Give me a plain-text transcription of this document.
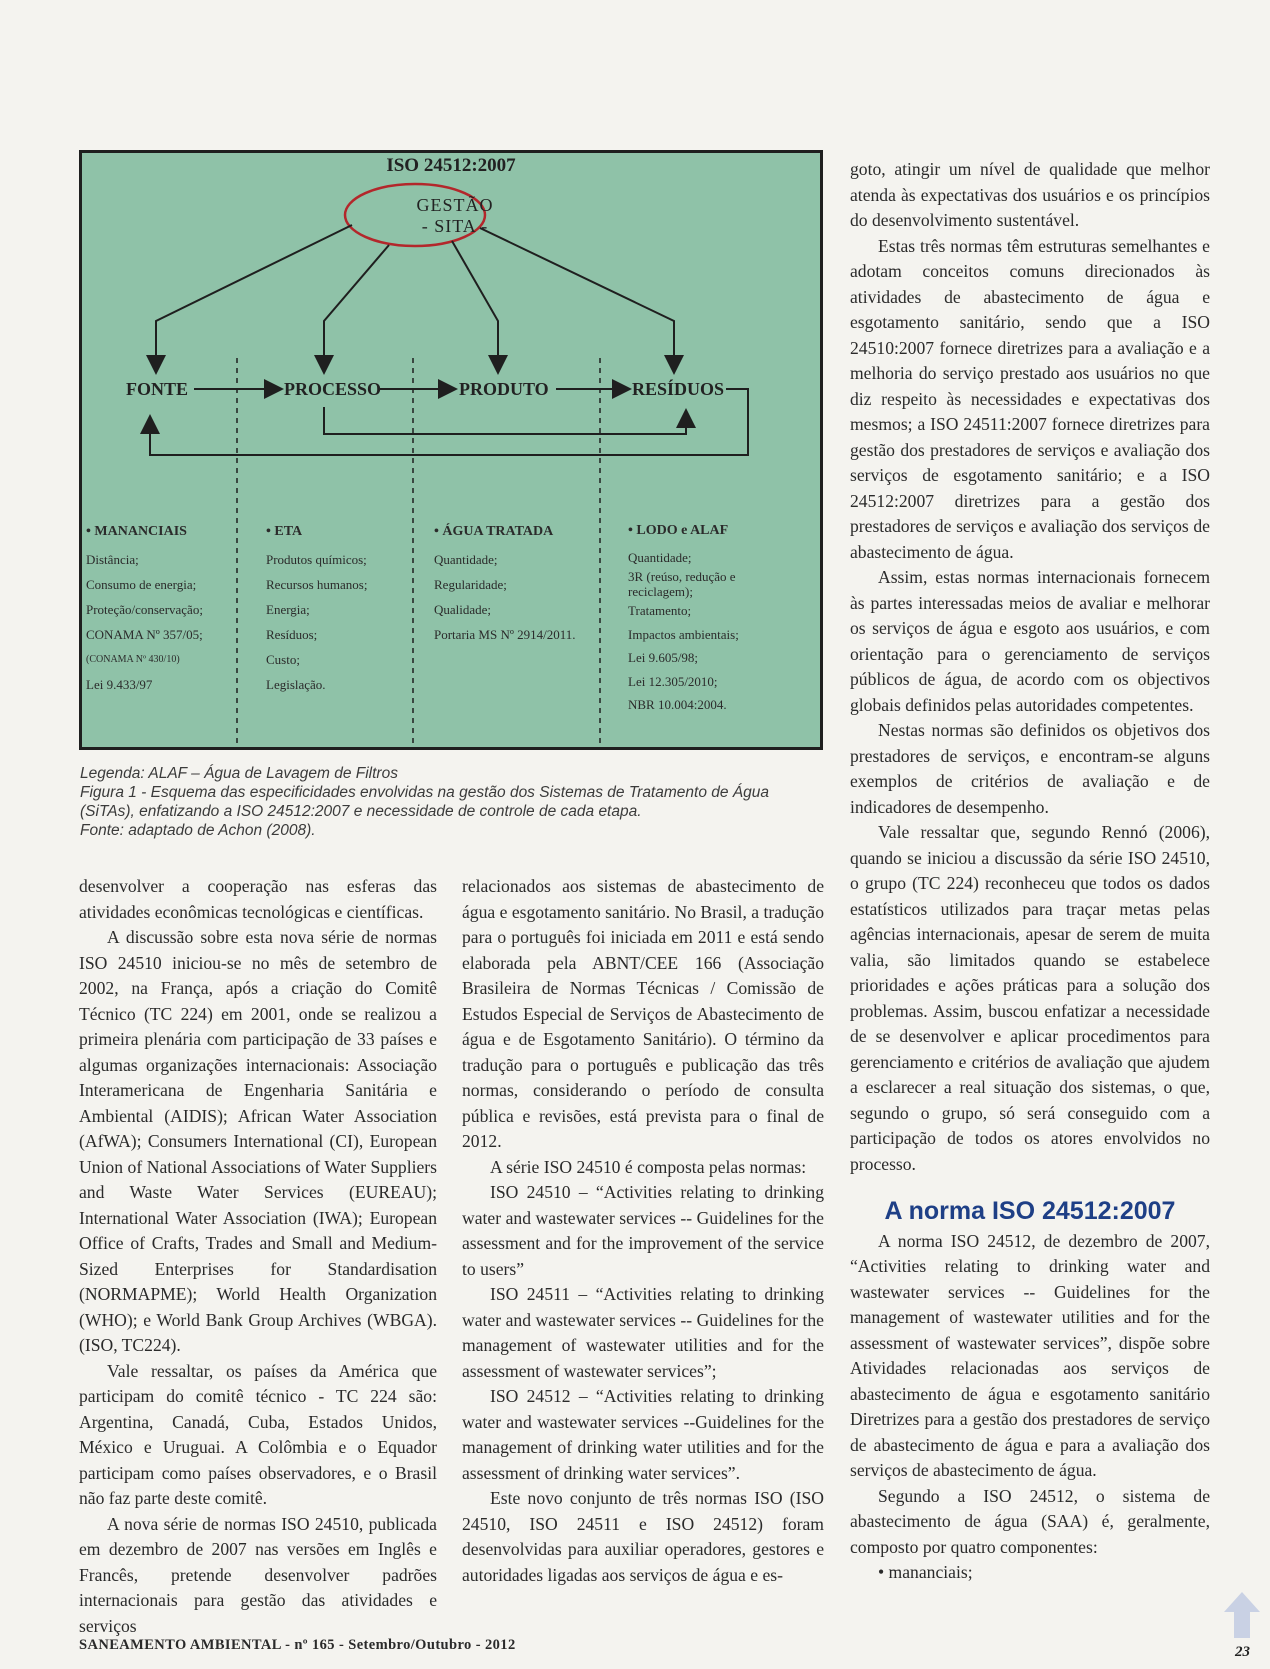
ISO 24512:2007
GESTÃO
- SITA -
FONTE	PROCESSO	PRODUTO	RESÍDUOS
• MANANCIAIS
Distância;
Consumo de energia;
Proteção/conservação;
CONAMA Nº 357/05;
(CONAMA Nº 430/10)
Lei 9.433/97
• ETA
Produtos químicos;
Recursos humanos;
Energia;
Resíduos;
Custo;
Legislação.
• ÁGUA TRATADA
Quantidade;
Regularidade;
Qualidade;
Portaria MS Nº 2914/2011.
• LODO e ALAF
Quantidade;
3R (reúso, redução e
reciclagem);
Tratamento;
Impactos ambientais;
Lei 9.605/98;
Lei 12.305/2010;
NBR 10.004:2004.
Legenda: ALAF – Água de Lavagem de Filtros
Figura 1 - Esquema das especificidades envolvidas na gestão dos Sistemas de Tratamento de Água
(SiTAs), enfatizando a ISO 24512:2007 e necessidade de controle de cada etapa.
Fonte: adaptado de Achon (2008).

desenvolver a cooperação nas esferas das atividades econômicas tecnológicas e científicas.

A discussão sobre esta nova série de normas ISO 24510 iniciou-se no mês de setembro de 2002, na França, após a criação do Comitê Técnico (TC 224) em 2001, onde se realizou a primeira plenária com participação de 33 países e algumas organizações internacionais: Associação Interamericana de Engenharia Sanitária e Ambiental (AIDIS); African Water Association (AfWA); Consumers International (CI), European Union of National Associations of Water Suppliers and Waste Water Services (EUREAU); International Water Association (IWA); European Office of Crafts, Trades and Small and Medium- Sized Enterprises for Standardisation (NORMAPME); World Health Organization (WHO); e World Bank Group Archives (WBGA). (ISO, TC224).

Vale ressaltar, os países da América que participam do comitê técnico - TC 224 são: Argentina, Canadá, Cuba, Estados Unidos, México e Uruguai. A Colômbia e o Equador participam como países observadores, e o Brasil não faz parte deste comitê.

A nova série de normas ISO 24510, publicada em dezembro de 2007 nas versões em Inglês e Francês, pretende desenvolver padrões internacionais para gestão das atividades e serviços

relacionados aos sistemas de abastecimento de água e esgotamento sanitário. No Brasil, a tradução para o português foi iniciada em 2011 e está sendo elaborada pela ABNT/CEE 166 (Associação Brasileira de Normas Técnicas / Comissão de Estudos Especial de Serviços de Abastecimento de água e de Esgotamento Sanitário). O término da tradução para o português e publicação das três normas, considerando o período de consulta pública e revisões, está prevista para o final de 2012.

A série ISO 24510 é composta pelas normas:

ISO 24510 – “Activities relating to drinking water and wastewater services -- Guidelines for the assessment and for the improvement of the service to users”

ISO 24511 – “Activities relating to drinking water and wastewater services -- Guidelines for the management of wastewater utilities and for the assessment of wastewater services”;

ISO 24512 – “Activities relating to drinking water and wastewater services --Guidelines for the management of drinking water utilities and for the assessment of drinking water services”.

Este novo conjunto de três normas ISO (ISO 24510, ISO 24511 e ISO 24512) foram desenvolvidas para auxiliar operadores, gestores e autoridades ligadas aos serviços de água e es-

goto, atingir um nível de qualidade que melhor atenda às expectativas dos usuários e os princípios do desenvolvimento sustentável.

Estas três normas têm estruturas semelhantes e adotam conceitos comuns direcionados às atividades de abastecimento de água e esgotamento sanitário, sendo que a ISO 24510:2007 fornece diretrizes para a avaliação e a melhoria do serviço prestado aos usuários no que diz respeito às necessidades e expectativas dos mesmos; a ISO 24511:2007 fornece diretrizes para gestão dos prestadores de serviços e avaliação dos serviços de esgotamento sanitário; e a ISO 24512:2007 diretrizes para a gestão dos prestadores de serviços e avaliação dos serviços de abastecimento de água.

Assim, estas normas internacionais fornecem às partes interessadas meios de avaliar e melhorar os serviços de água e esgoto aos usuários, e com orientação para o gerenciamento de serviços públicos de água, de acordo com os objectivos globais definidos pelas autoridades competentes.

Nestas normas são definidos os objetivos dos prestadores de serviços, e encontram-se alguns exemplos de critérios de avaliação e de indicadores de desempenho.

Vale ressaltar que, segundo Rennó (2006), quando se iniciou a discussão da série ISO 24510, o grupo (TC 224) reconheceu que todos os dados estatísticos utilizados para traçar metas pelas agências internacionais, apesar de serem de muita valia, são limitados quando se estabelece prioridades e ações práticas para a solução dos problemas. Assim, buscou enfatizar a necessidade de se desenvolver e aplicar procedimentos para gerenciamento e critérios de avaliação que ajudem a esclarecer a real situação dos sistemas, o que, segundo o grupo, só será conseguido com a participação de todos os atores envolvidos no processo.

A norma ISO 24512:2007

A norma ISO 24512, de dezembro de 2007, “Activities relating to drinking water and wastewater services -- Guidelines for the management of wastewater utilities and for the assessment of wastewater services”, dispõe sobre Atividades relacionadas aos serviços de abastecimento de água e esgotamento sanitário Diretrizes para a gestão dos prestadores de serviço de abastecimento de água e para a avaliação dos serviços de abastecimento de água.

Segundo a ISO 24512, o sistema de abastecimento de água (SAA) é, geralmente, composto por quatro componentes:

• mananciais;

SANEAMENTO AMBIENTAL - nº 165 - Setembro/Outubro - 2012	23
